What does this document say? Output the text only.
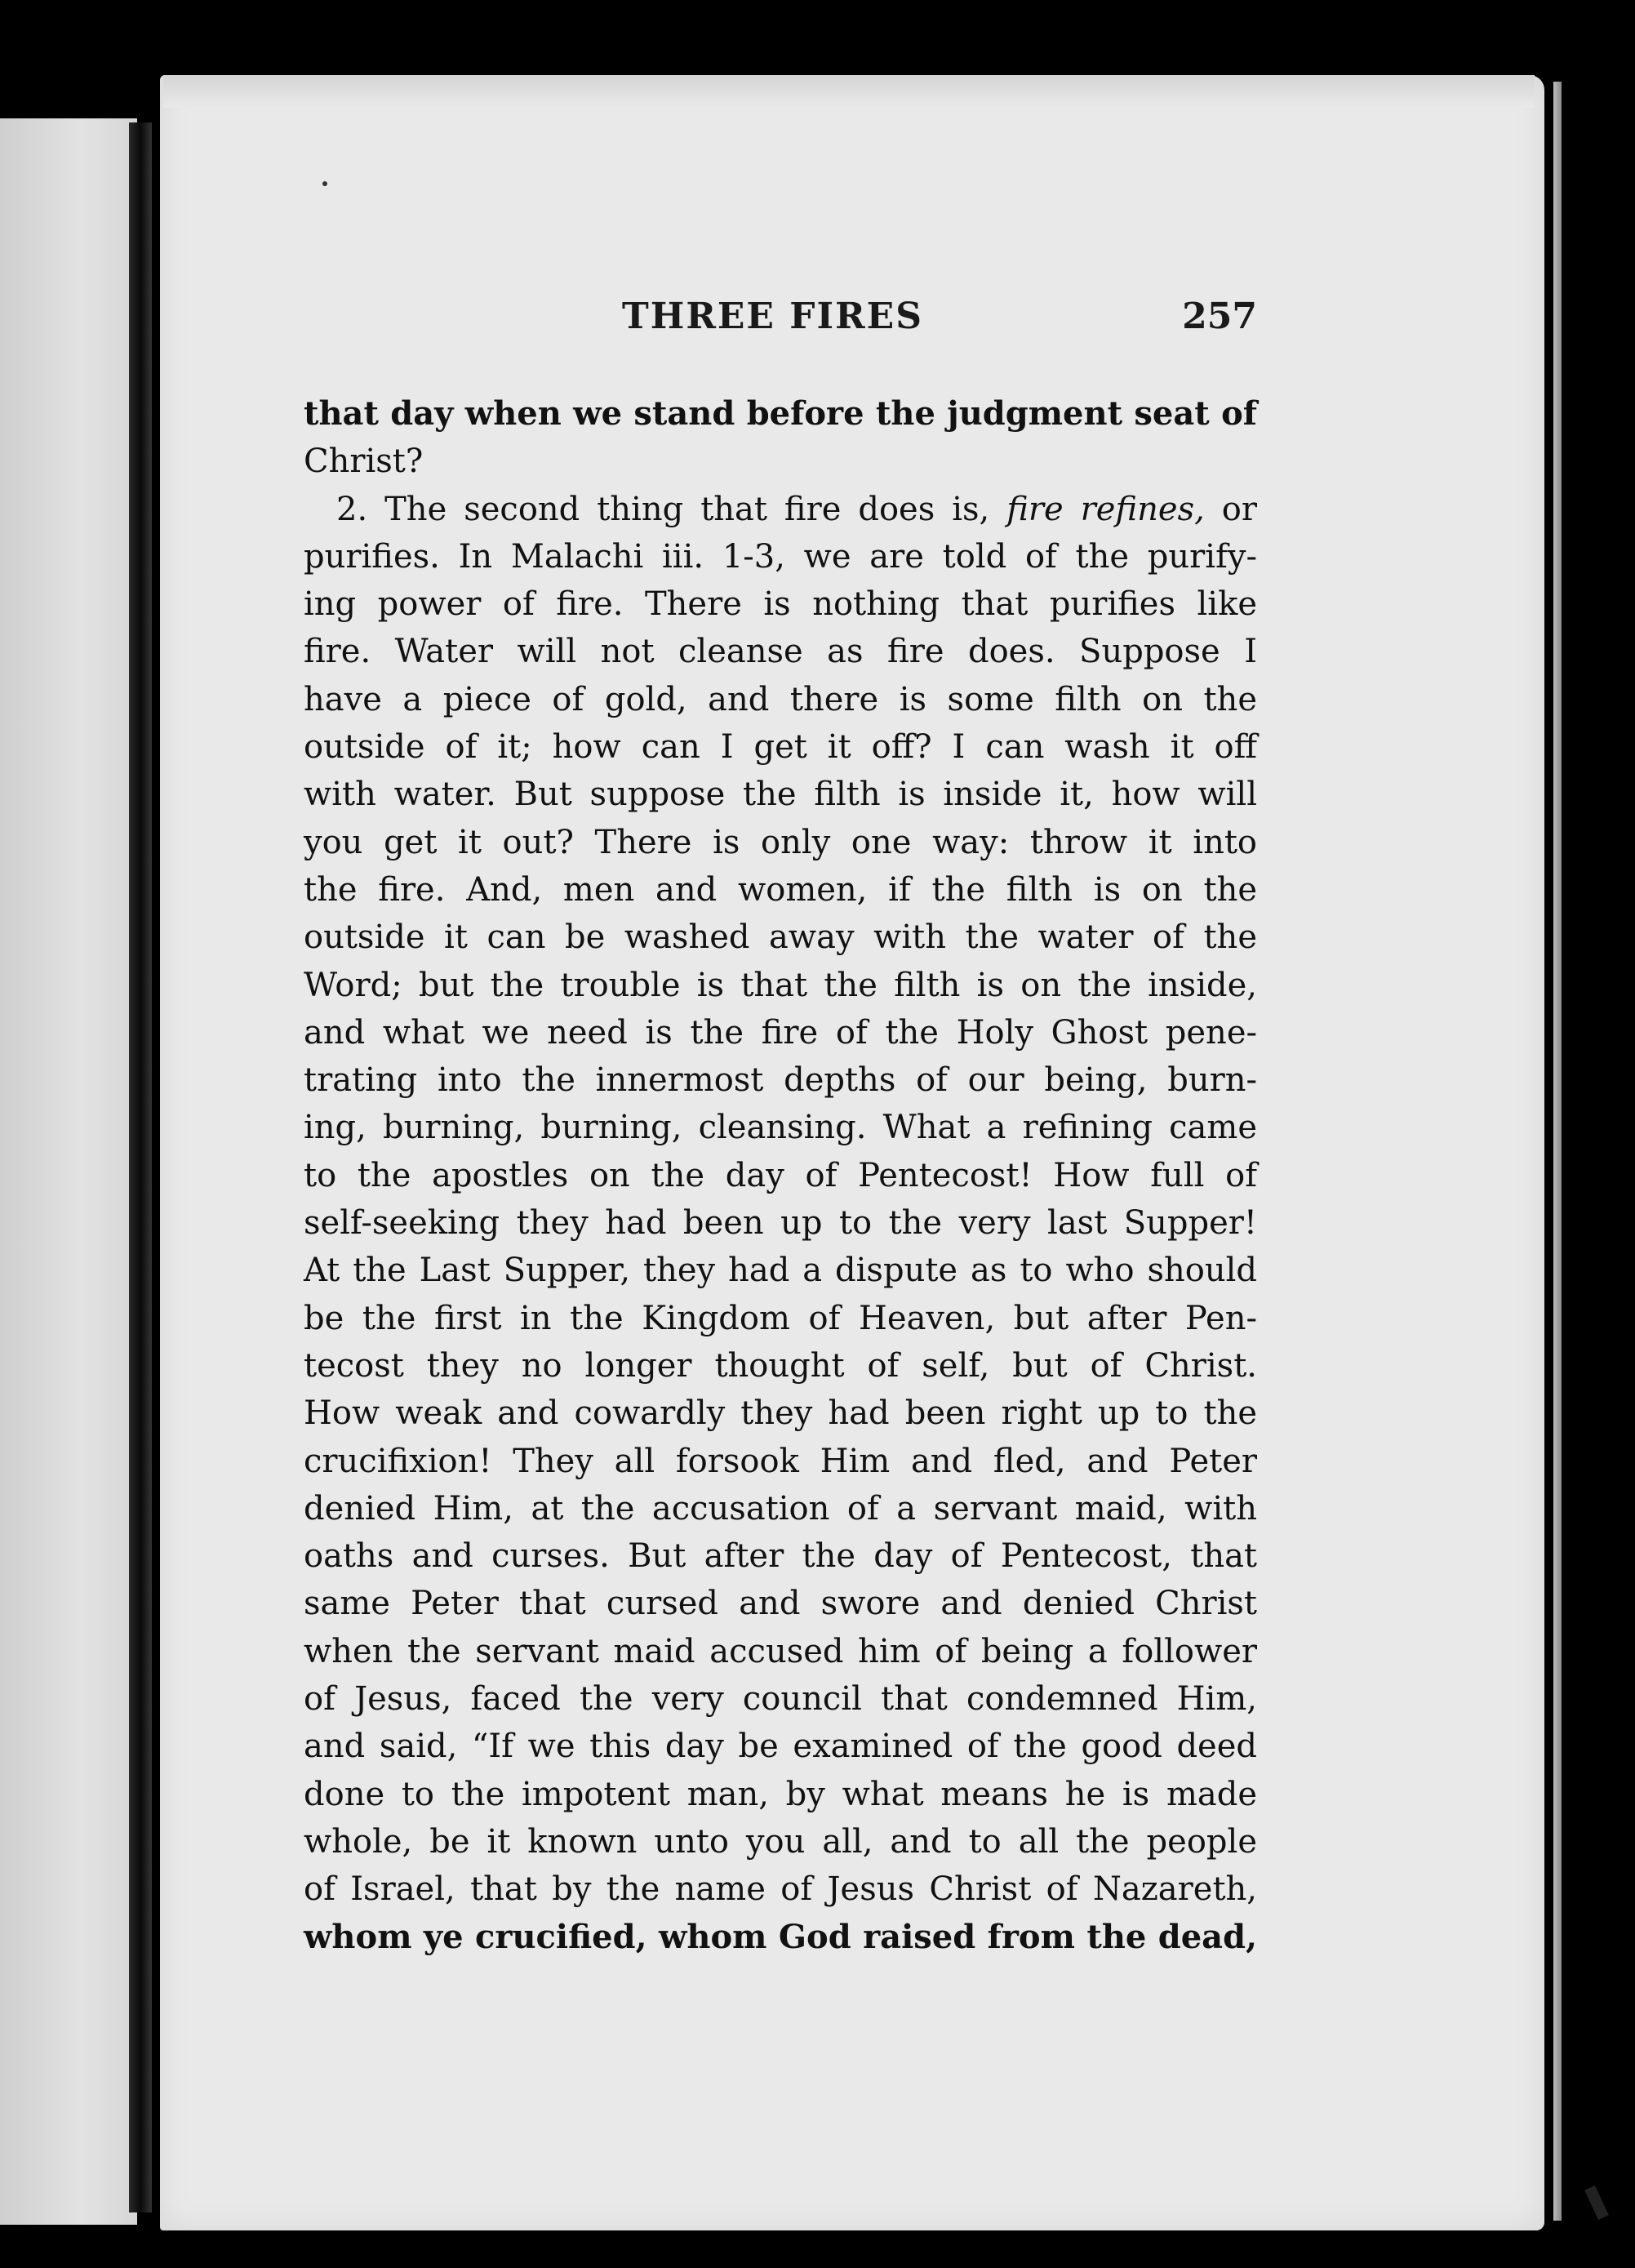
THREE FIRES	257
that day when we stand before the judgment seat of
Christ?
2. The second thing that fire does is, fire refines, or
purifies. In Malachi iii. 1-3, we are told of the purify-
ing power of fire. There is nothing that purifies like
fire. Water will not cleanse as fire does. Suppose I
have a piece of gold, and there is some filth on the
outside of it; how can I get it off? I can wash it off
with water. But suppose the filth is inside it, how will
you get it out? There is only one way: throw it into
the fire. And, men and women, if the filth is on the
outside it can be washed away with the water of the
Word; but the trouble is that the filth is on the inside,
and what we need is the fire of the Holy Ghost pene-
trating into the innermost depths of our being, burn-
ing, burning, burning, cleansing. What a refining came
to the apostles on the day of Pentecost! How full of
self-seeking they had been up to the very last Supper!
At the Last Supper, they had a dispute as to who should
be the first in the Kingdom of Heaven, but after Pen-
tecost they no longer thought of self, but of Christ.
How weak and cowardly they had been right up to the
crucifixion! They all forsook Him and fled, and Peter
denied Him, at the accusation of a servant maid, with
oaths and curses. But after the day of Pentecost, that
same Peter that cursed and swore and denied Christ
when the servant maid accused him of being a follower
of Jesus, faced the very council that condemned Him,
and said, “If we this day be examined of the good deed
done to the impotent man, by what means he is made
whole, be it known unto you all, and to all the people
of Israel, that by the name of Jesus Christ of Nazareth,
whom ye crucified, whom God raised from the dead,
